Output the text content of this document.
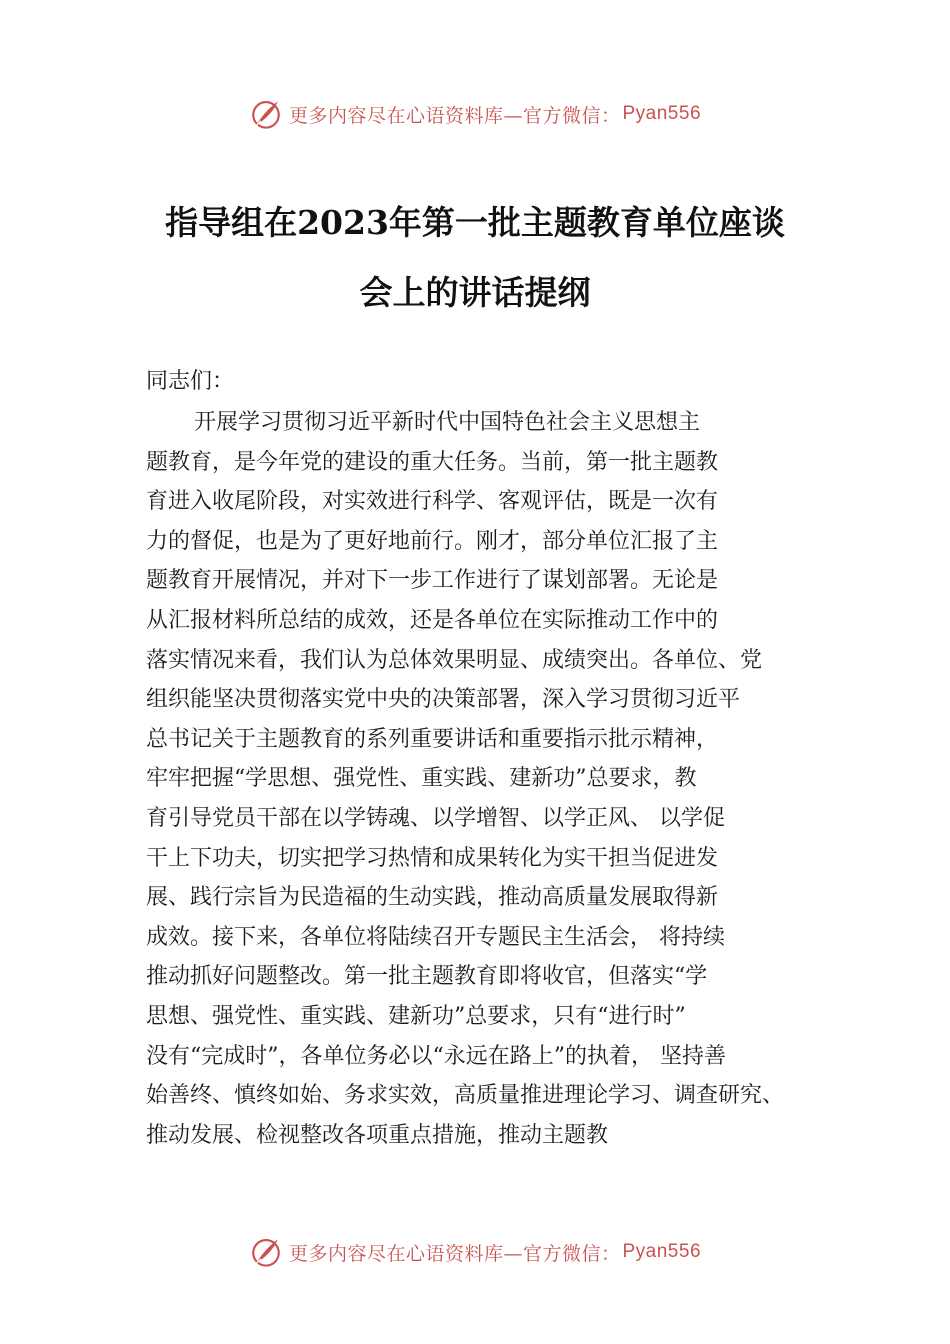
更多内容尽在心语资料库—官方微信： Pyan556
指导组在2023年第一批主题教育单位座谈
会上的讲话提纲
同志们：
开展学习贯彻习近平新时代中国特色社会主义思想主
题教育，是今年党的建设的重大任务。当前，第一批主题教
育进入收尾阶段，对实效进行科学、客观评估，既是一次有
力的督促，也是为了更好地前行。刚才，部分单位汇报了主
题教育开展情况，并对下一步工作进行了谋划部署。无论是
从汇报材料所总结的成效，还是各单位在实际推动工作中的
落实情况来看，我们认为总体效果明显、成绩突出。各单位、党
组织能坚决贯彻落实党中央的决策部署，深入学习贯彻习近平
总书记关于主题教育的系列重要讲话和重要指示批示精神，
牢牢把握“学思想、强党性、重实践、建新功”总要求，教
育引导党员干部在以学铸魂、以学增智、以学正风、 以学促
干上下功夫，切实把学习热情和成果转化为实干担当促进发
展、践行宗旨为民造福的生动实践，推动高质量发展取得新
成效。接下来，各单位将陆续召开专题民主生活会， 将持续
推动抓好问题整改。第一批主题教育即将收官，但落实“学
思想、强党性、重实践、建新功”总要求，只有“进行时”
没有“完成时”，各单位务必以“永远在路上”的执着， 坚持善
始善终、慎终如始、务求实效，高质量推进理论学习、调查研究、
推动发展、检视整改各项重点措施，推动主题教
更多内容尽在心语资料库—官方微信： Pyan556
